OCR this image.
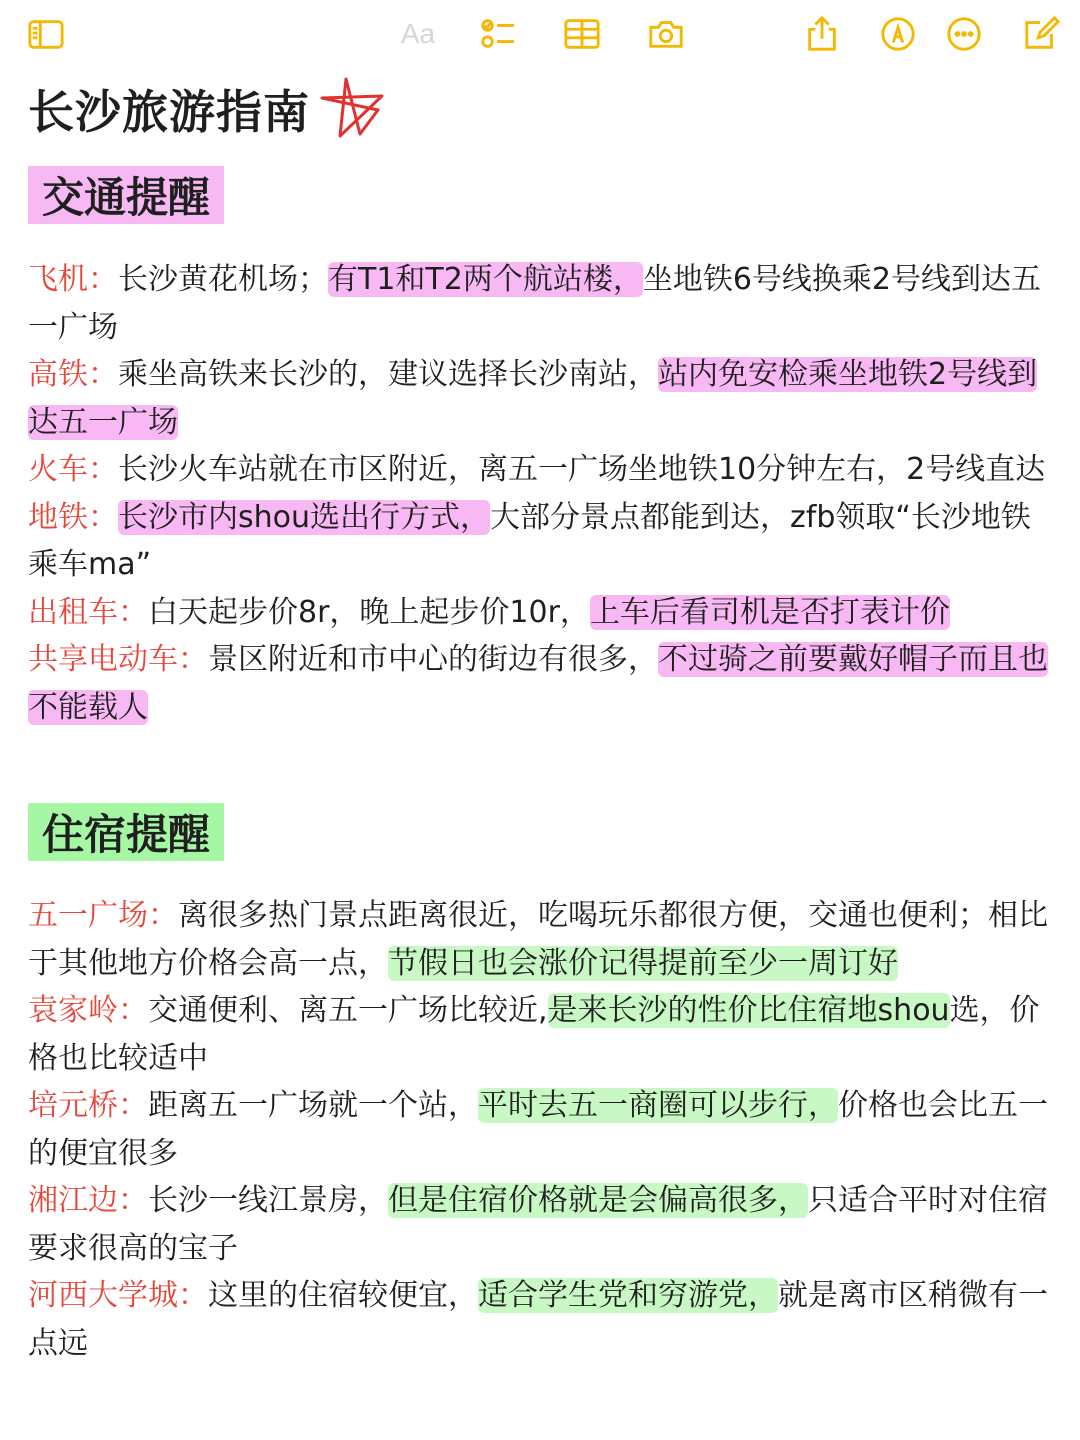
Aa
长沙旅游指南
交通提醒

飞机：长沙黄花机场；有T1和T2两个航站楼，坐地铁6号线换乘2号线到达五一广场

高铁：乘坐高铁来长沙的，建议选择长沙南站，站内免安检乘坐地铁2号线到达五一广场

火车：长沙火车站就在市区附近，离五一广场坐地铁10分钟左右，2号线直达

地铁：长沙市内shou选出行方式，大部分景点都能到达，zfb领取“长沙地铁乘车ma”

出租车：白天起步价8r，晚上起步价10r，上车后看司机是否打表计价

共享电动车：景区附近和市中心的街边有很多，不过骑之前要戴好帽子而且也不能载人

住宿提醒

五一广场：离很多热门景点距离很近，吃喝玩乐都很方便，交通也便利；相比于其他地方价格会高一点，节假日也会涨价记得提前至少一周订好

袁家岭：交通便利、离五一广场比较近,是来长沙的性价比住宿地shou选，价格也比较适中

培元桥：距离五一广场就一个站，平时去五一商圈可以步行，价格也会比五一的便宜很多

湘江边：长沙一线江景房，但是住宿价格就是会偏高很多，只适合平时对住宿要求很高的宝子

河西大学城：这里的住宿较便宜，适合学生党和穷游党，就是离市区稍微有一点远
